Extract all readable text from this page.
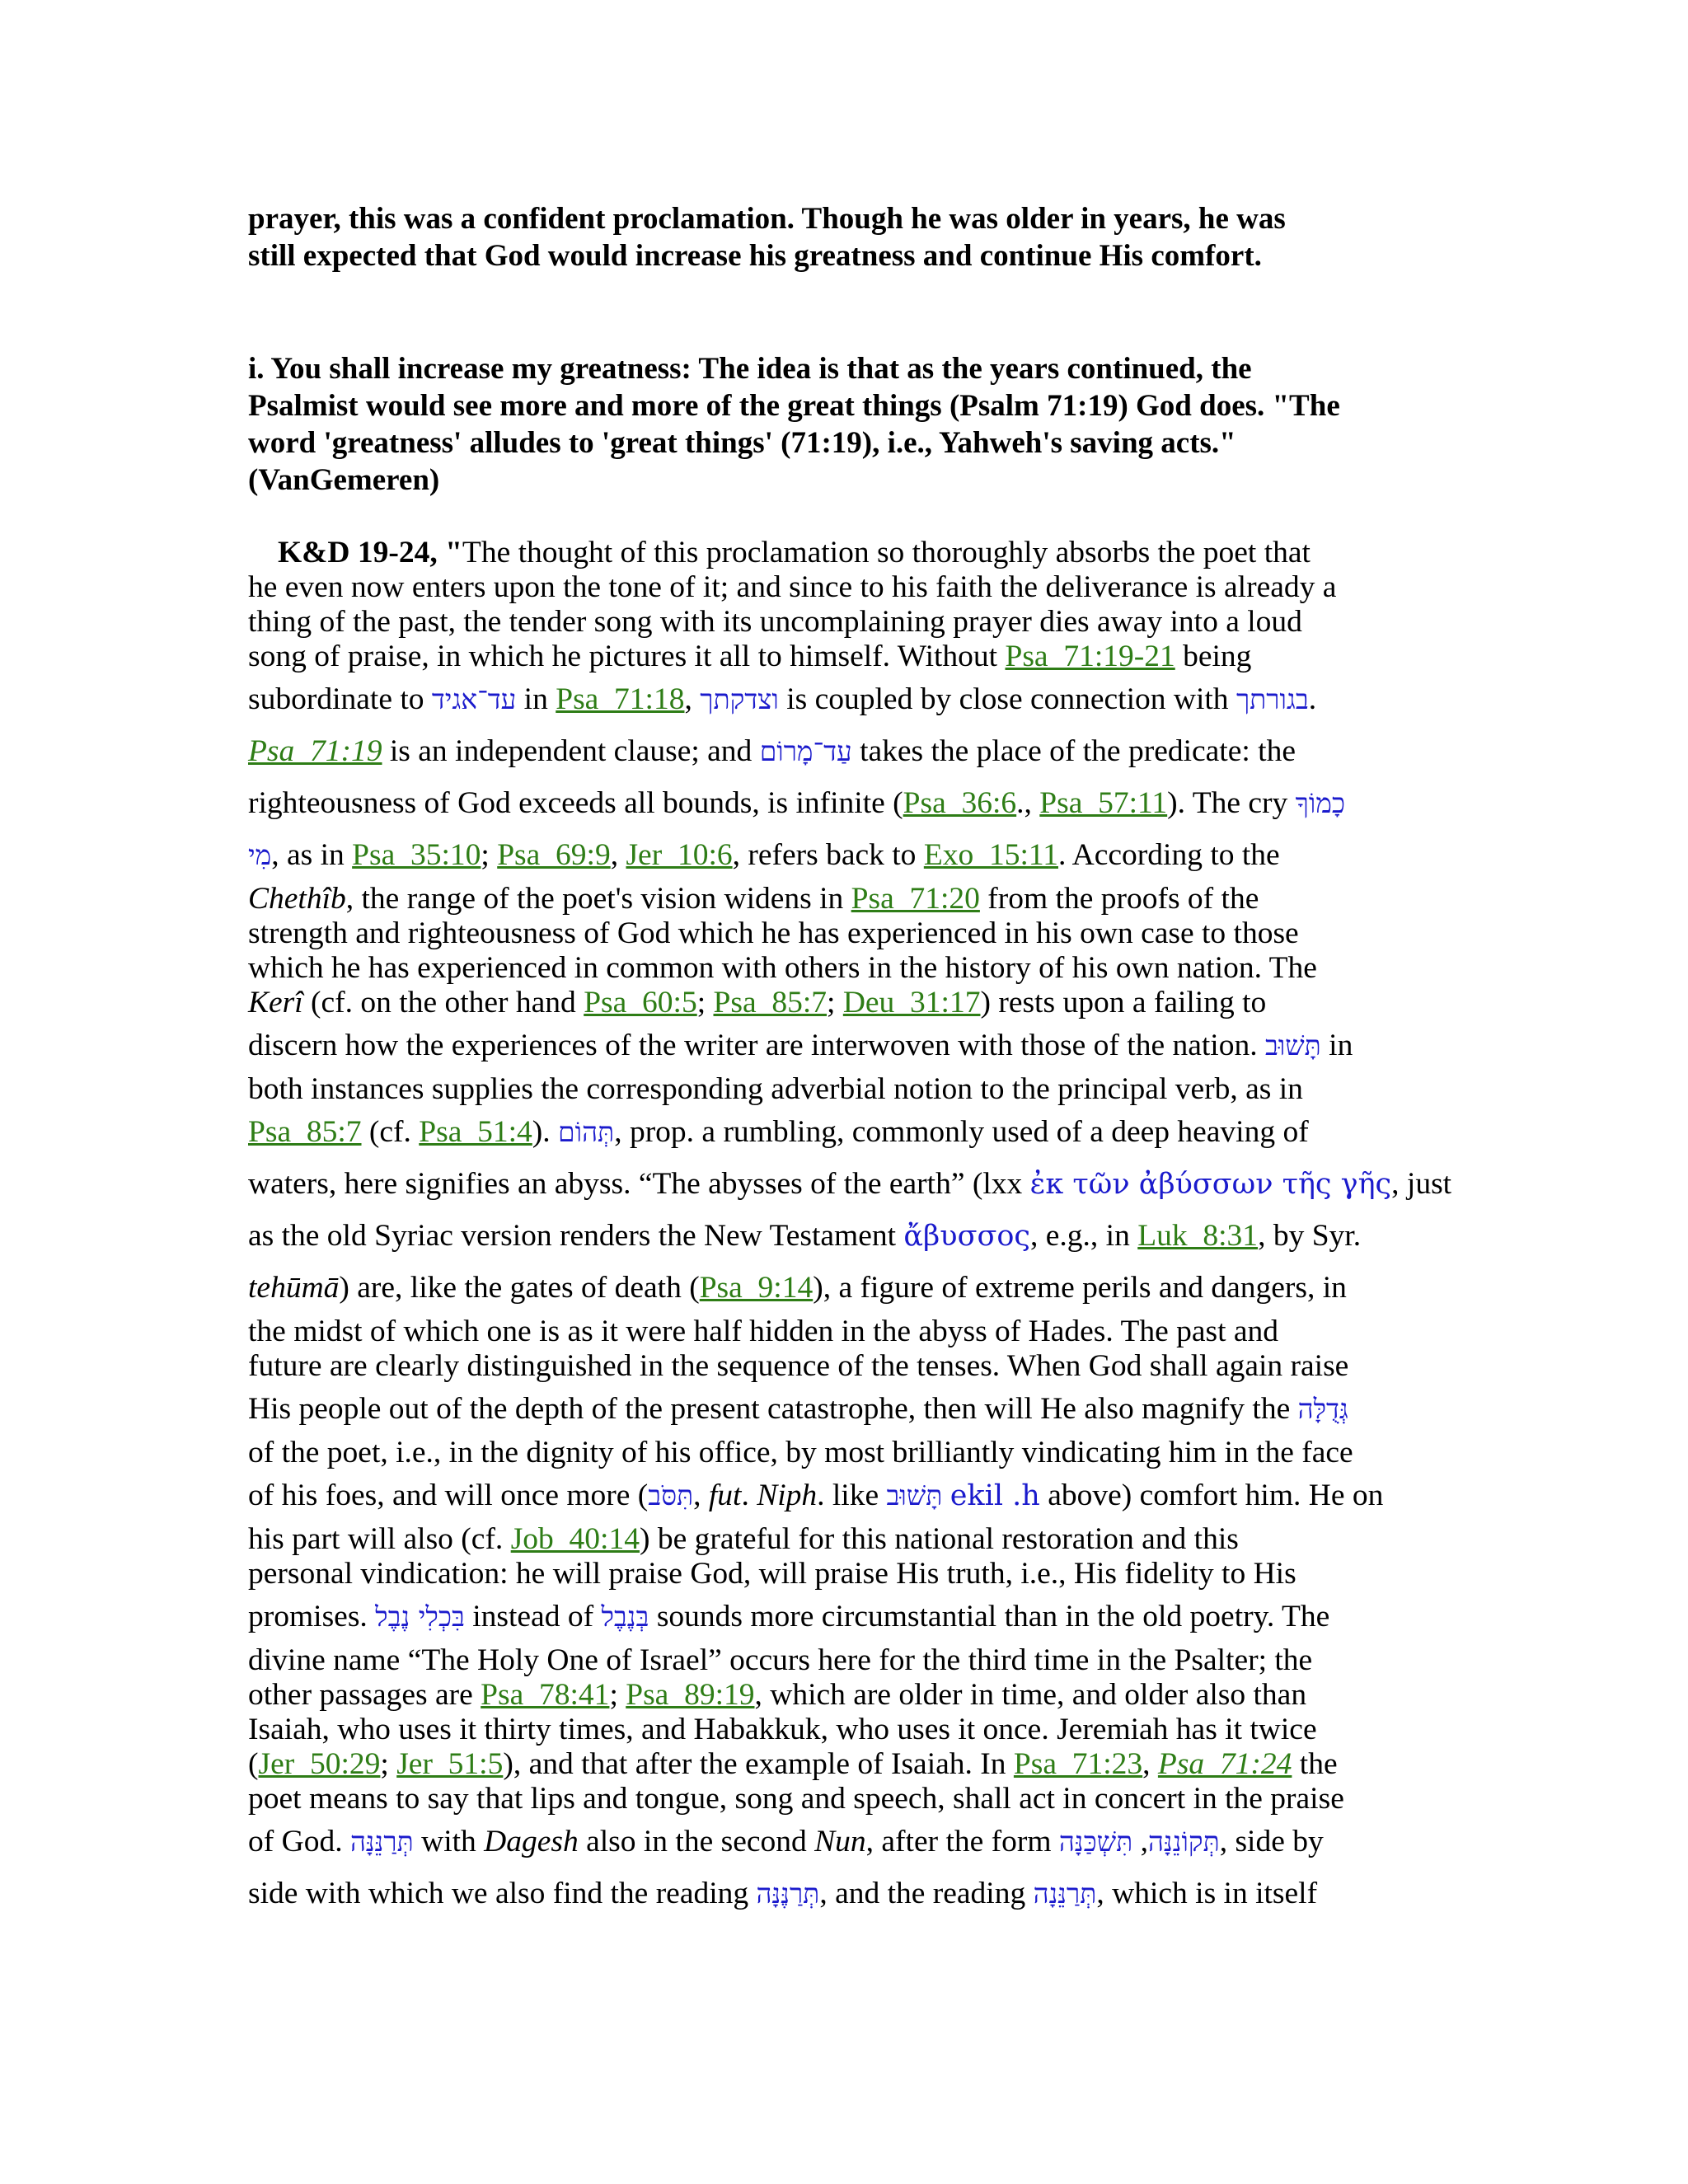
prayer, this was a confident proclamation. Though he was older in years, he was
still expected that God would increase his greatness and continue His comfort.
i. You shall increase my greatness: The idea is that as the years continued, the
Psalmist would see more and more of the great things (Psalm 71:19) God does. "The
word 'greatness' alludes to 'great things' (71:19), i.e., Yahweh's saving acts."
(VanGemeren)
K&D 19-24, "The thought of this proclamation so thoroughly absorbs the poet that
he even now enters upon the tone of it; and since to his faith the deliverance is already a
thing of the past, the tender song with its uncomplaining prayer dies away into a loud
song of praise, in which he pictures it all to himself. Without Psa_71:19-21 being
subordinate to עד־אגיד in Psa_71:18, וצדקתך is coupled by close connection with בגורתך.
Psa_71:19 is an independent clause; and עַד־מָרוֹם takes the place of the predicate: the
righteousness of God exceeds all bounds, is infinite (Psa_36:6., Psa_57:11). The cry כָמוֹךָ
מִי, as in Psa_35:10; Psa_69:9, Jer_10:6, refers back to Exo_15:11. According to the
Chethîb, the range of the poet's vision widens in Psa_71:20 from the proofs of the
strength and righteousness of God which he has experienced in his own case to those
which he has experienced in common with others in the history of his own nation. The
Kerî (cf. on the other hand Psa_60:5; Psa_85:7; Deu_31:17) rests upon a failing to
discern how the experiences of the writer are interwoven with those of the nation. תָּשׁוּב in
both instances supplies the corresponding adverbial notion to the principal verb, as in
Psa_85:7 (cf. Psa_51:4). תְּהוֹם, prop. a rumbling, commonly used of a deep heaving of
waters, here signifies an abyss. “The abysses of the earth” (lxx ἐκ τῶν ἀβύσσων τῆς γῆς, just
as the old Syriac version renders the New Testament ἄβυσσος, e.g., in Luk_8:31, by Syr.
tehūmā) are, like the gates of death (Psa_9:14), a figure of extreme perils and dangers, in
the midst of which one is as it were half hidden in the abyss of Hades. The past and
future are clearly distinguished in the sequence of the tenses. When God shall again raise
His people out of the depth of the present catastrophe, then will He also magnify the גְּדֻלָּה
of the poet, i.e., in the dignity of his office, by most brilliantly vindicating him in the face
of his foes, and will once more (תִּסֹּב, fut. Niph. like תָּשׁוּב ekil .h above) comfort him. He on
his part will also (cf. Job_40:14) be grateful for this national restoration and this
personal vindication: he will praise God, will praise His truth, i.e., His fidelity to His
promises. בִּכְלִי נֶבֶל instead of בְּנֶבֶל sounds more circumstantial than in the old poetry. The
divine name “The Holy One of Israel” occurs here for the third time in the Psalter; the
other passages are Psa_78:41; Psa_89:19, which are older in time, and older also than
Isaiah, who uses it thirty times, and Habakkuk, who uses it once. Jeremiah has it twice
(Jer_50:29; Jer_51:5), and that after the example of Isaiah. In Psa_71:23, Psa_71:24 the
poet means to say that lips and tongue, song and speech, shall act in concert in the praise
of God. תְּרַנֵּנָּה with Dagesh also in the second Nun, after the form	תְּקוֹנֵנָּה, תִּשְׁכַּנָּה	, side by
side with which we also find the reading תְּרַנֶּנָּה, and the reading תְּרַנֵּנָה, which is in itself
